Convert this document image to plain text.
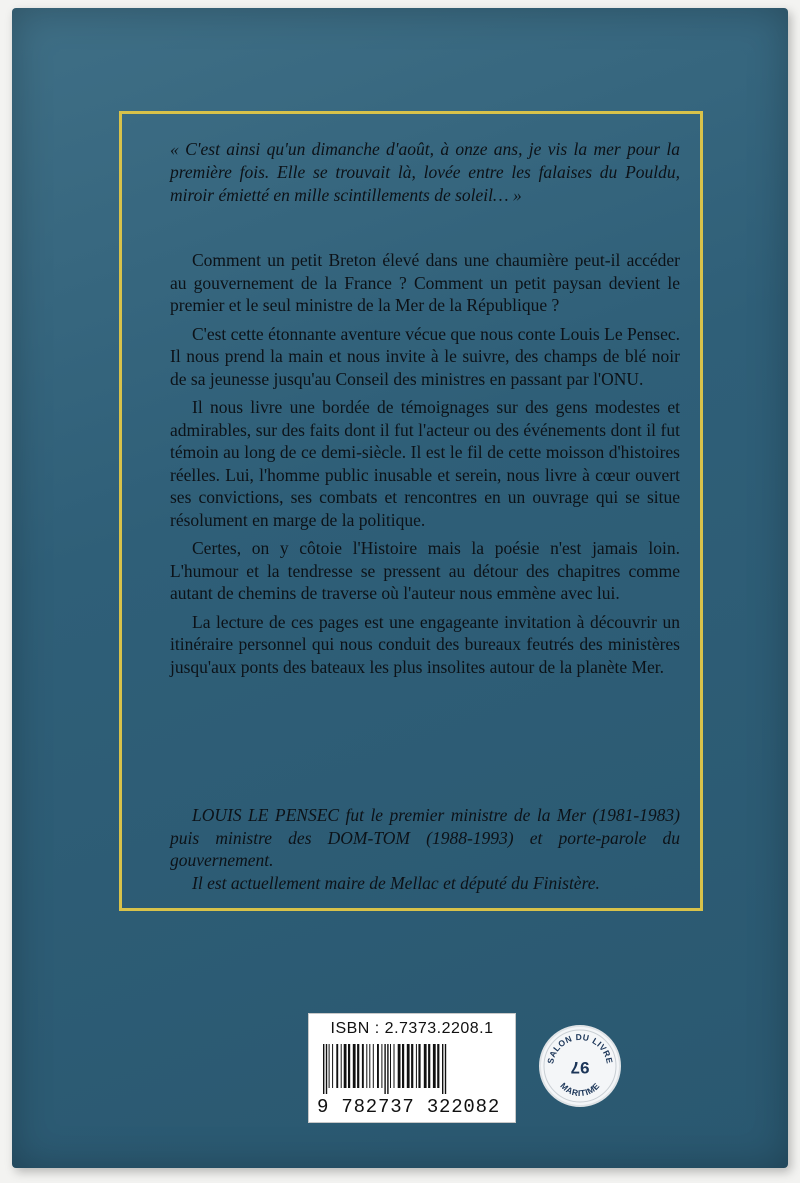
« C'est ainsi qu'un dimanche d'août, à onze ans, je vis la mer pour la première fois. Elle se trouvait là, lovée entre les falaises du Pouldu, miroir émietté en mille scintillements de soleil… »

Comment un petit Breton élevé dans une chaumière peut-il accéder au gouvernement de la France ? Comment un petit paysan devient le premier et le seul ministre de la Mer de la République ?

C'est cette étonnante aventure vécue que nous conte Louis Le Pensec. Il nous prend la main et nous invite à le suivre, des champs de blé noir de sa jeunesse jusqu'au Conseil des ministres en passant par l'ONU.

Il nous livre une bordée de témoignages sur des gens modestes et admirables, sur des faits dont il fut l'acteur ou des événements dont il fut témoin au long de ce demi-siècle. Il est le fil de cette moisson d'histoires réelles. Lui, l'homme public inusable et serein, nous livre à cœur ouvert ses convictions, ses combats et rencontres en un ouvrage qui se situe résolument en marge de la politique.

Certes, on y côtoie l'Histoire mais la poésie n'est jamais loin. L'humour et la tendresse se pressent au détour des chapitres comme autant de chemins de traverse où l'auteur nous emmène avec lui.

La lecture de ces pages est une engageante invitation à découvrir un itinéraire personnel qui nous conduit des bureaux feutrés des ministères jusqu'aux ponts des bateaux les plus insolites autour de la planète Mer.

LOUIS LE PENSEC fut le premier ministre de la Mer (1981-1983) puis ministre des DOM-TOM (1988-1993) et porte-parole du gouvernement.

Il est actuellement maire de Mellac et député du Finistère.

ISBN : 2.7373.2208.1
9 782737 322082
SALON DU LIVRE
MARITIME
97
